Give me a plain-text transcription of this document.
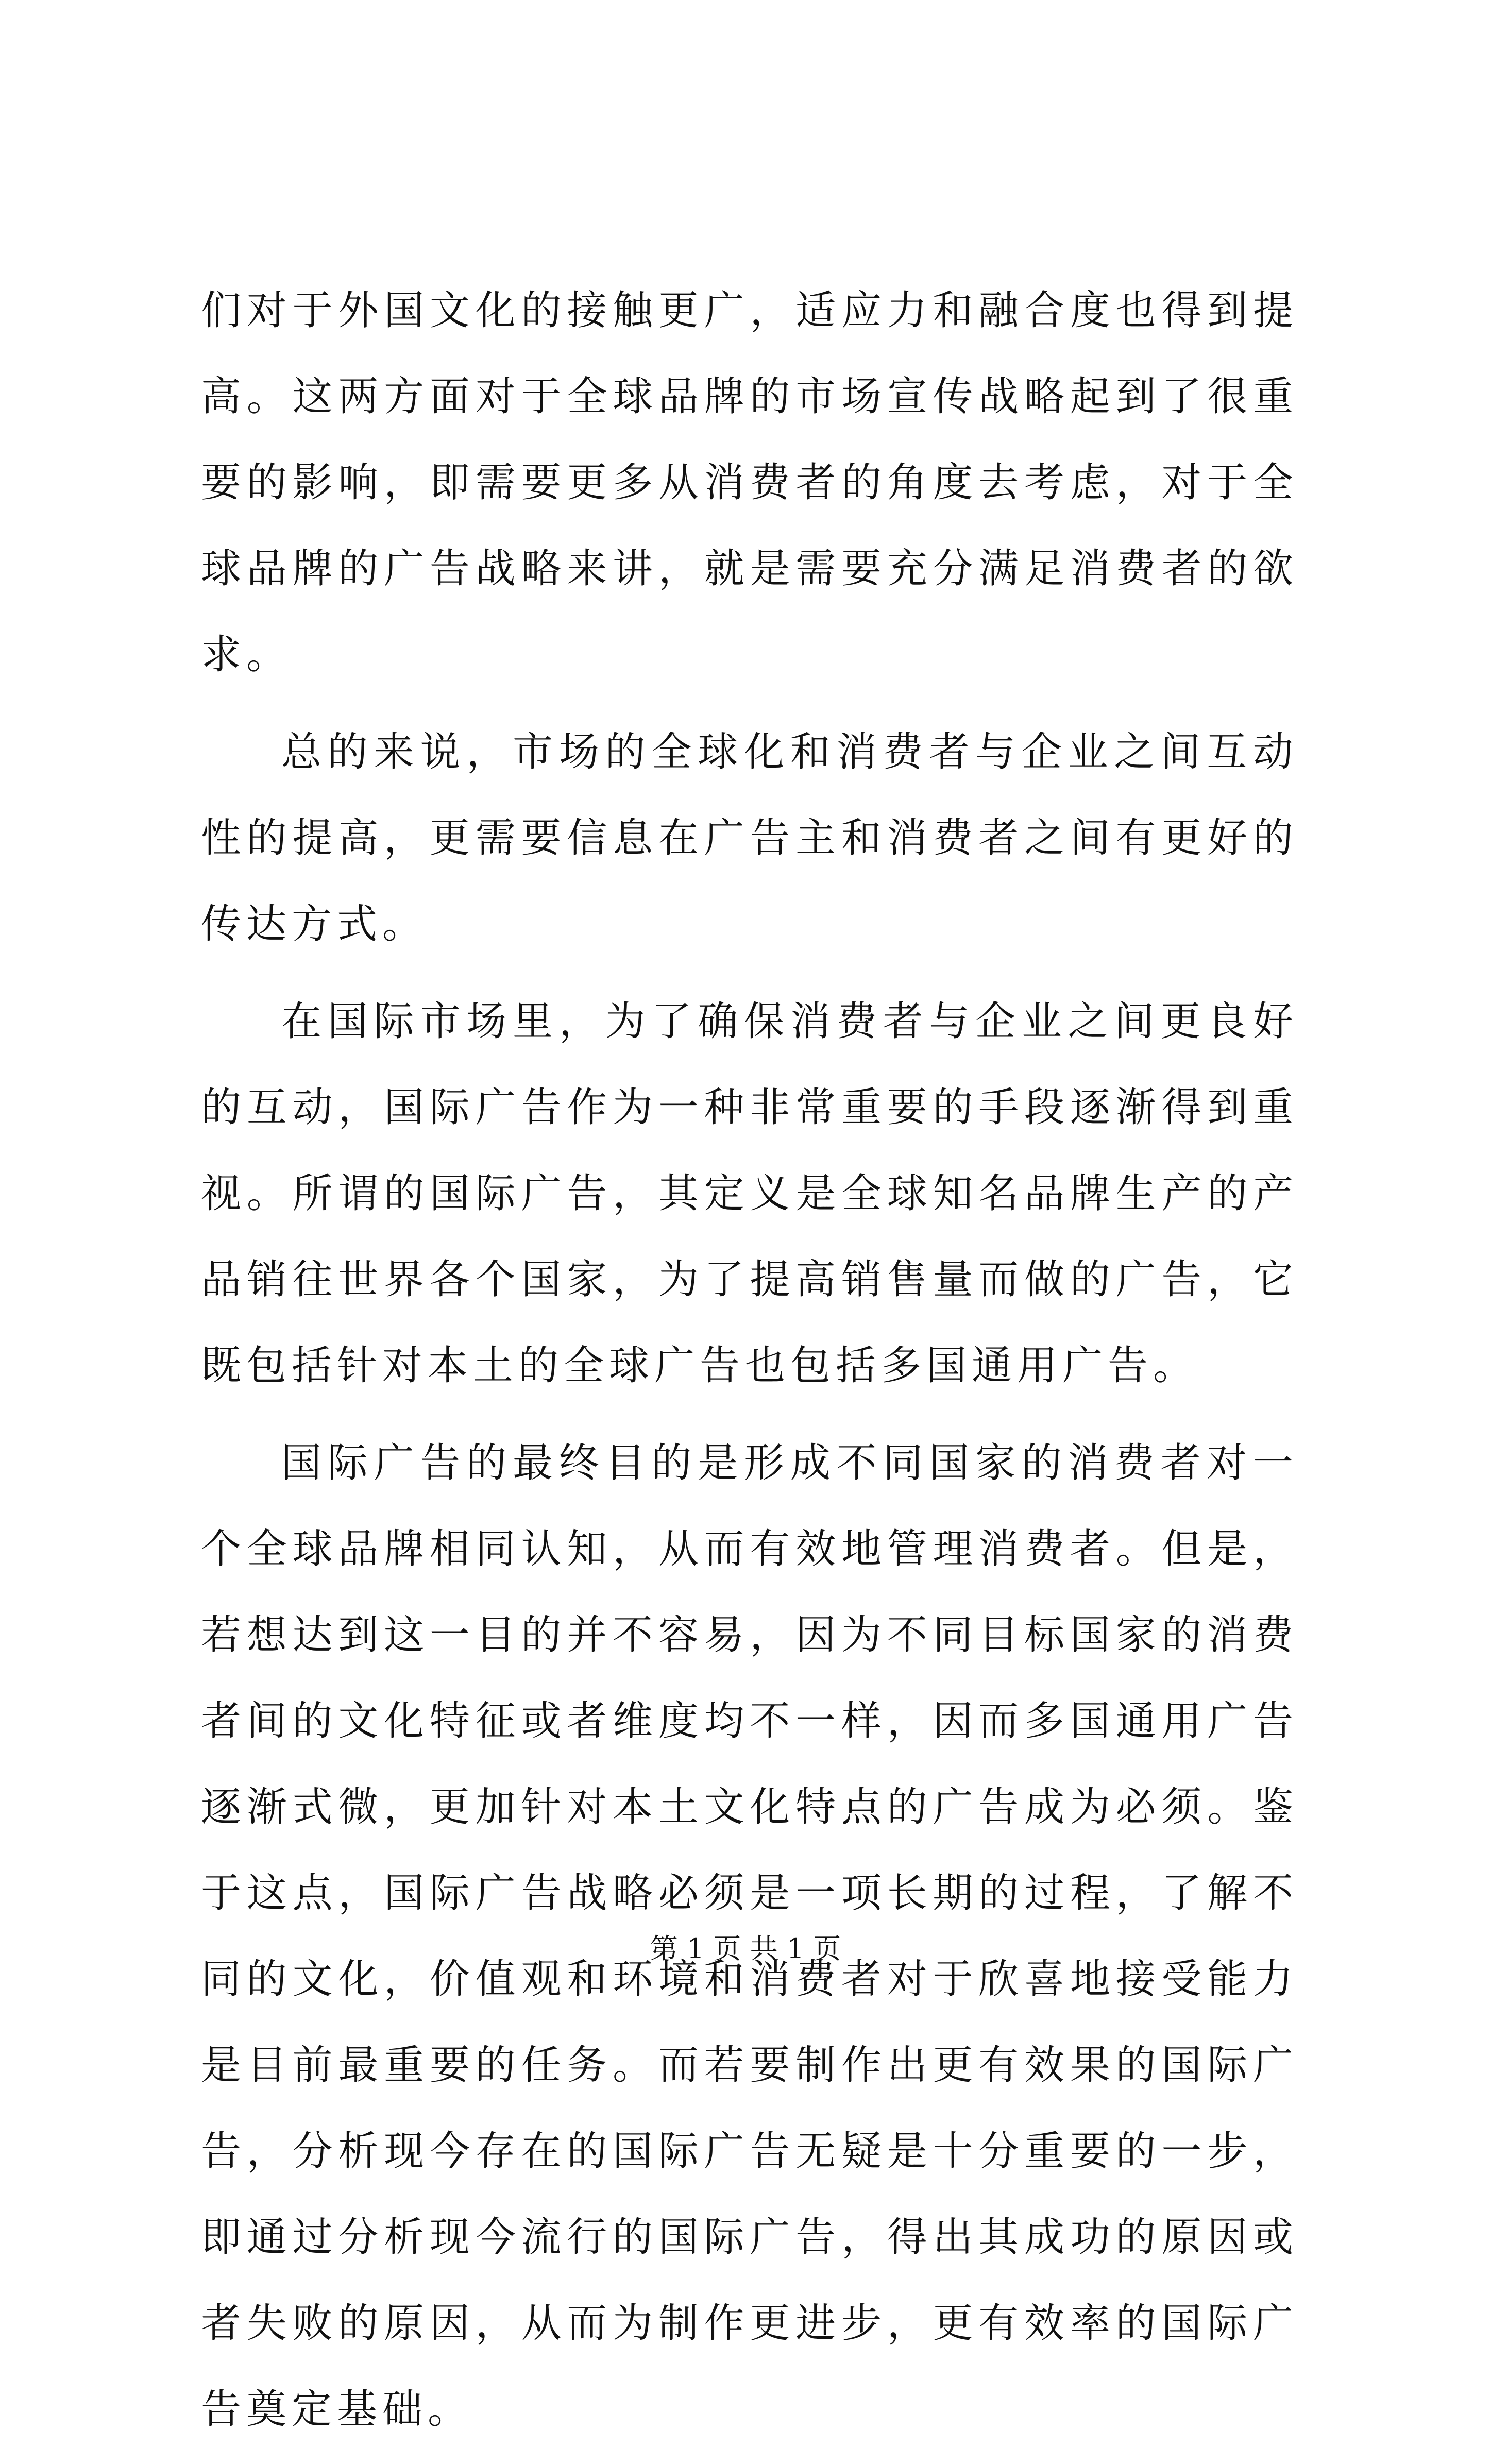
们对于外国文化的接触更广，适应力和融合度也得到提高。这两方面对于全球品牌的市场宣传战略起到了很重要的影响，即需要更多从消费者的角度去考虑，对于全球品牌的广告战略来讲，就是需要充分满足消费者的欲求。

总的来说，市场的全球化和消费者与企业之间互动性的提高，更需要信息在广告主和消费者之间有更好的传达方式。

在国际市场里，为了确保消费者与企业之间更良好的互动，国际广告作为一种非常重要的手段逐渐得到重视。所谓的国际广告，其定义是全球知名品牌生产的产品销往世界各个国家，为了提高销售量而做的广告，它既包括针对本土的全球广告也包括多国通用广告。

国际广告的最终目的是形成不同国家的消费者对一个全球品牌相同认知，从而有效地管理消费者。但是，若想达到这一目的并不容易，因为不同目标国家的消费者间的文化特征或者维度均不一样，因而多国通用广告逐渐式微，更加针对本土文化特点的广告成为必须。鉴于这点，国际广告战略必须是一项长期的过程，了解不同的文化，价值观和环境和消费者对于欣喜地接受能力是目前最重要的任务。而若要制作出更有效果的国际广告，分析现今存在的国际广告无疑是十分重要的一步，即通过分析现今流行的国际广告，得出其成功的原因或者失败的原因，从而为制作更进步，更有效率的国际广告奠定基础。

第 1 页 共 1 页
